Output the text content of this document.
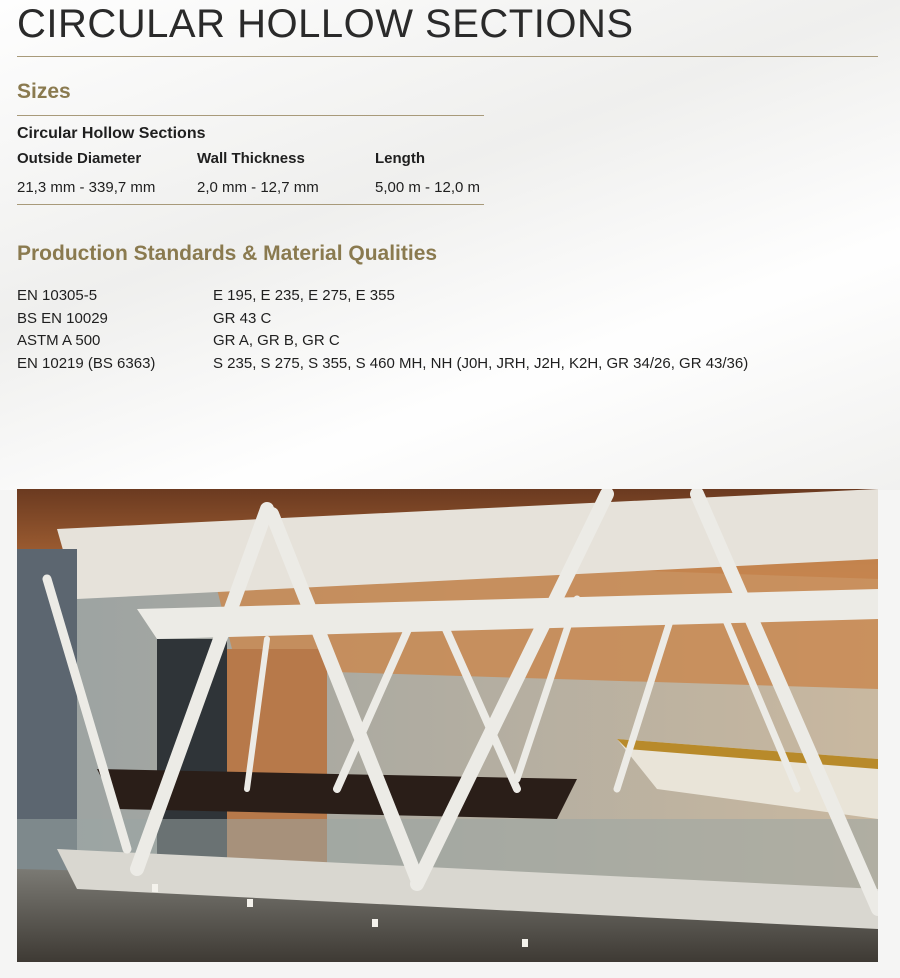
CIRCULAR HOLLOW SECTIONS
Sizes
Circular Hollow Sections
Outside Diameter	Wall Thickness	Length
21,3 mm - 339,7 mm	2,0 mm - 12,7 mm	5,00 m - 12,0 m
Production Standards & Material Qualities
EN 10305-5	E 195, E 235, E 275, E 355
BS EN 10029	GR 43 C
ASTM A 500	GR A, GR B, GR C
EN 10219 (BS 6363)	S 235, S 275, S 355, S 460 MH, NH (J0H, JRH, J2H, K2H, GR 34/26, GR 43/36)
